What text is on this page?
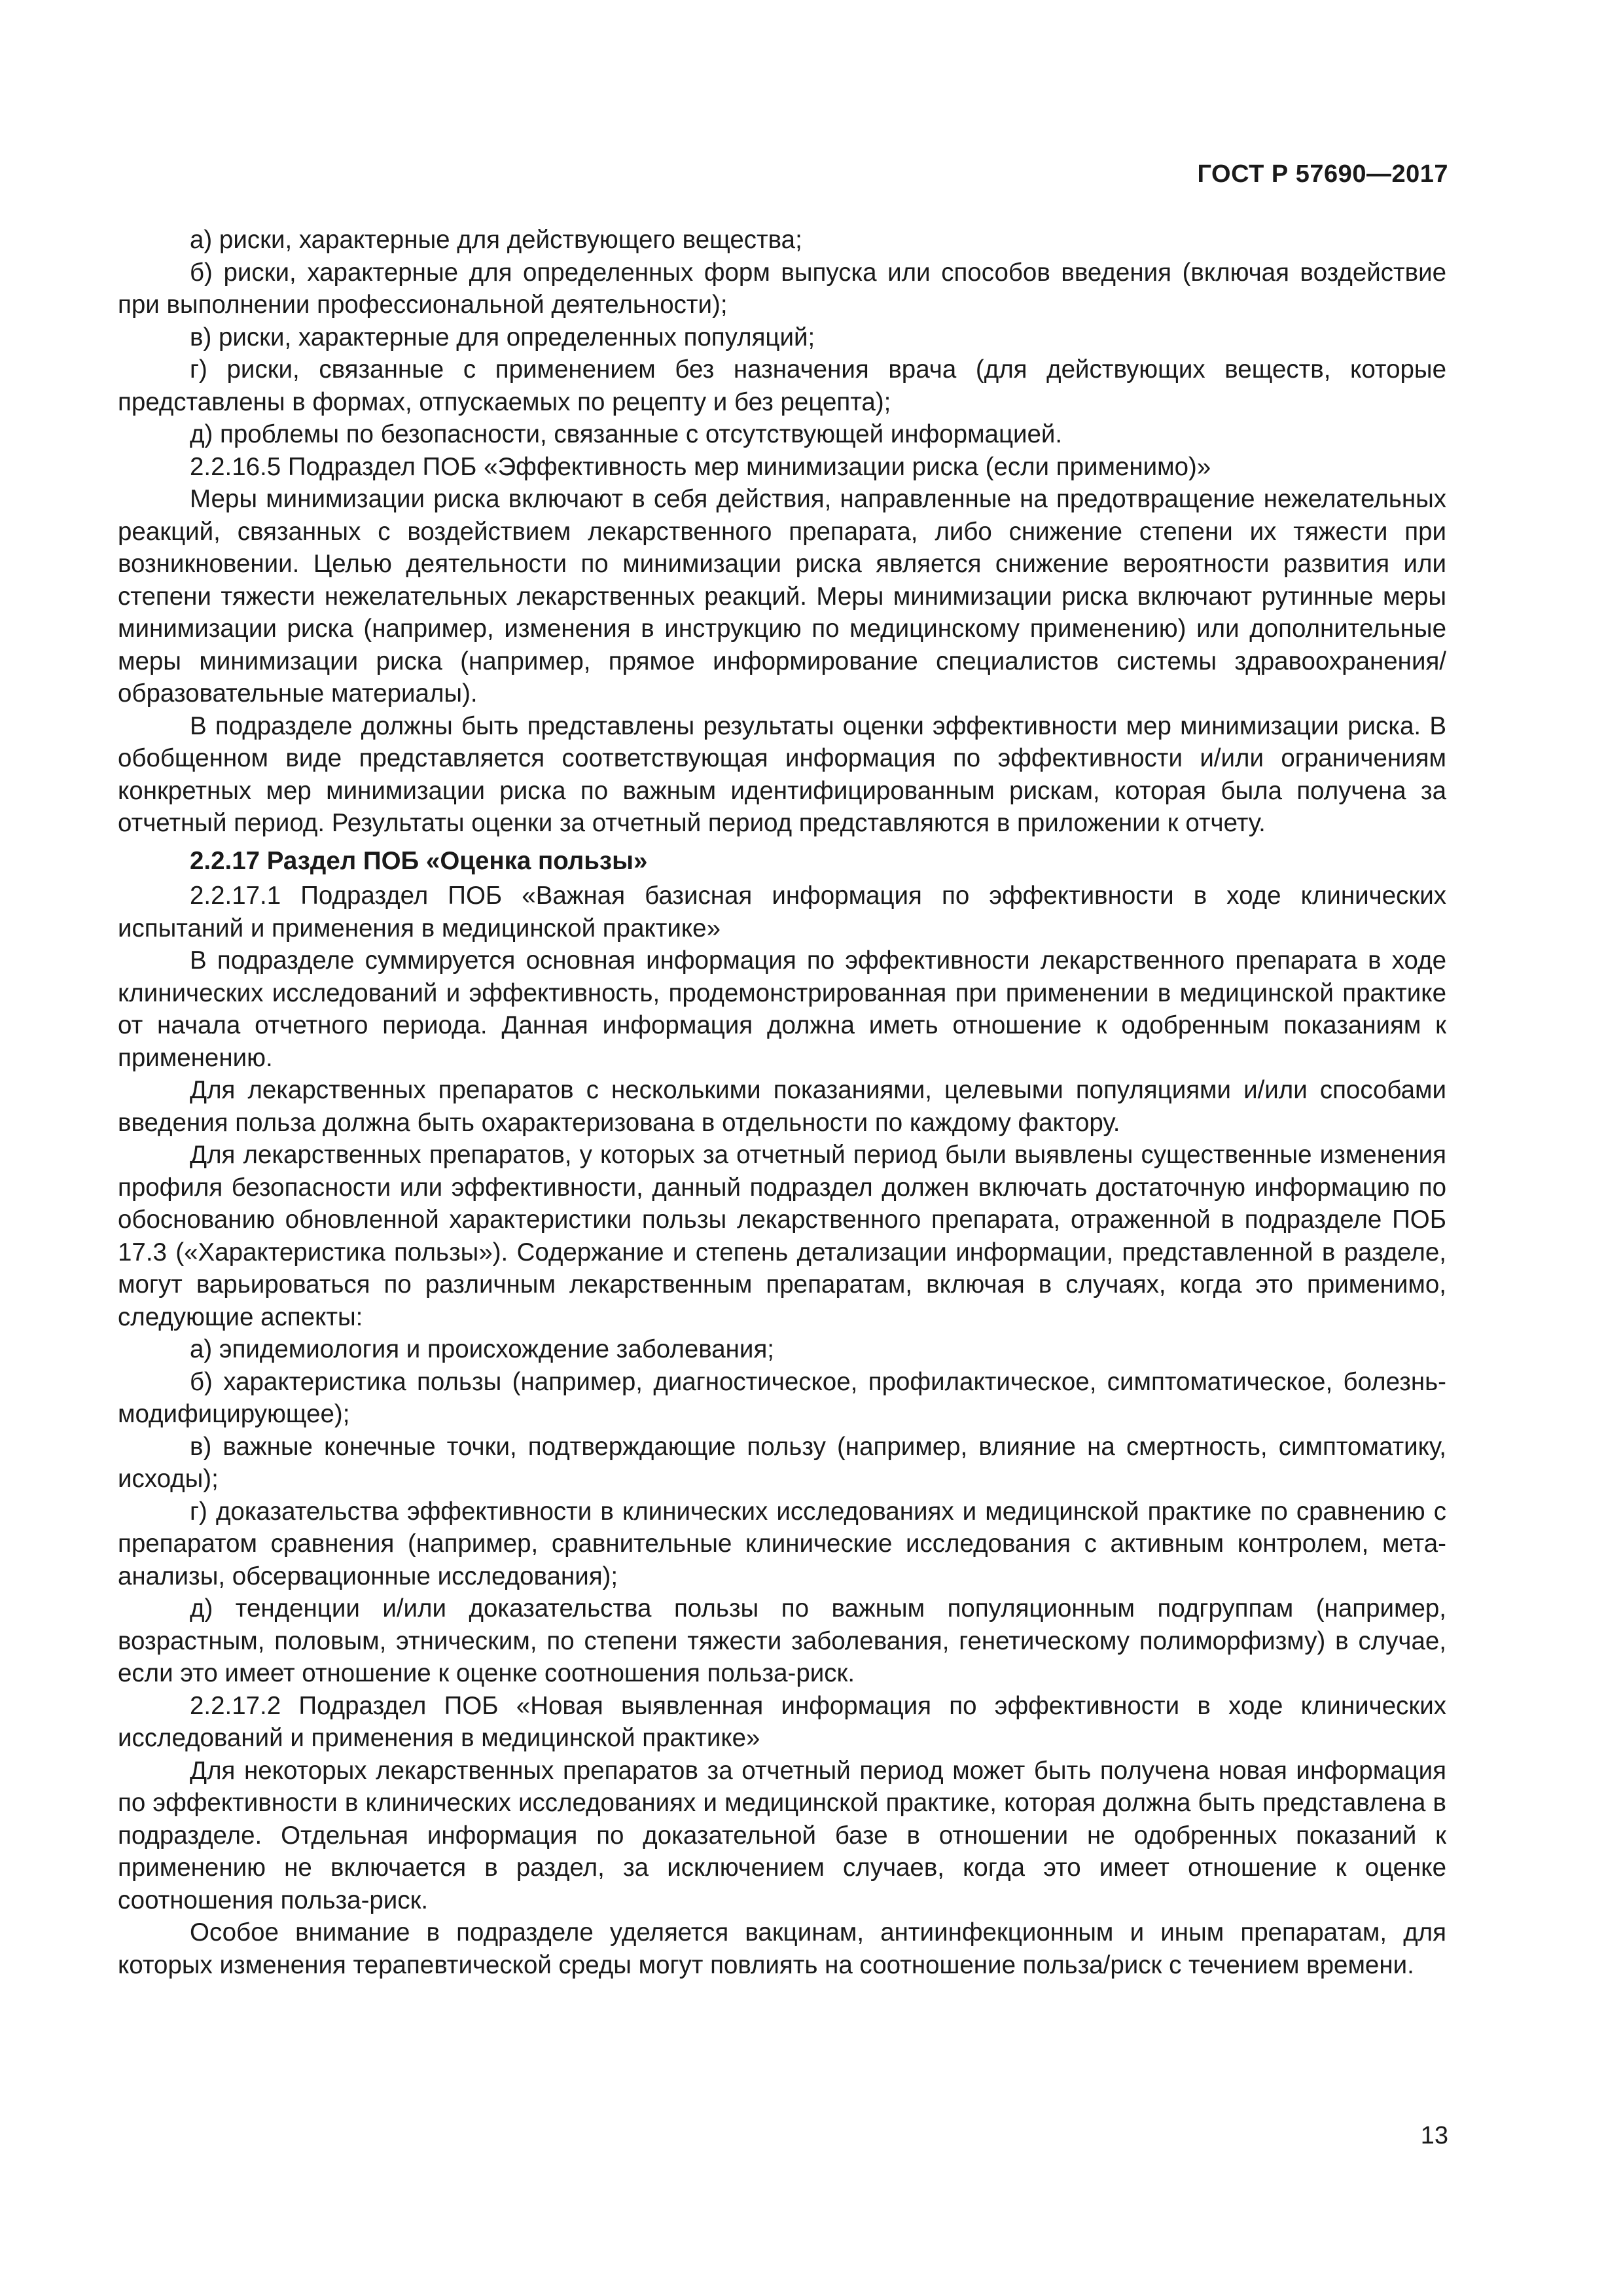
ГОСТ Р 57690—2017

а) риски, характерные для действующего вещества;

б) риски, характерные для определенных форм выпуска или способов введения (включая воздействие при выполнении профессиональной деятельности);

в) риски, характерные для определенных популяций;

г) риски, связанные с применением без назначения врача (для действующих веществ, которые представлены в формах, отпускаемых по рецепту и без рецепта);

д) проблемы по безопасности, связанные с отсутствующей информацией.

2.2.16.5 Подраздел ПОБ «Эффективность мер минимизации риска (если применимо)»

Меры минимизации риска включают в себя действия, направленные на предотвращение нежелательных реакций, связанных с воздействием лекарственного препарата, либо снижение степени их тяжести при возникновении. Целью деятельности по минимизации риска является снижение вероятности развития или степени тяжести нежелательных лекарственных реакций. Меры минимизации риска включают рутинные меры минимизации риска (например, изменения в инструкцию по медицинскому применению) или дополнительные меры минимизации риска (например, прямое информирование специалистов системы здравоохранения/образовательные материалы).

В подразделе должны быть представлены результаты оценки эффективности мер минимизации риска. В обобщенном виде представляется соответствующая информация по эффективности и/или ограничениям конкретных мер минимизации риска по важным идентифицированным рискам, которая была получена за отчетный период. Результаты оценки за отчетный период представляются в приложении к отчету.

2.2.17 Раздел ПОБ «Оценка пользы»

2.2.17.1 Подраздел ПОБ «Важная базисная информация по эффективности в ходе клинических испытаний и применения в медицинской практике»

В подразделе суммируется основная информация по эффективности лекарственного препарата в ходе клинических исследований и эффективность, продемонстрированная при применении в медицинской практике от начала отчетного периода. Данная информация должна иметь отношение к одобренным показаниям к применению.

Для лекарственных препаратов с несколькими показаниями, целевыми популяциями и/или способами введения польза должна быть охарактеризована в отдельности по каждому фактору.

Для лекарственных препаратов, у которых за отчетный период были выявлены существенные изменения профиля безопасности или эффективности, данный подраздел должен включать достаточную информацию по обоснованию обновленной характеристики пользы лекарственного препарата, отраженной в подразделе ПОБ 17.3 («Характеристика пользы»). Содержание и степень детализации информации, представленной в разделе, могут варьироваться по различным лекарственным препаратам, включая в случаях, когда это применимо, следующие аспекты:

а) эпидемиология и происхождение заболевания;

б) характеристика пользы (например, диагностическое, профилактическое, симптоматическое, болезнь-модифицирующее);

в) важные конечные точки, подтверждающие пользу (например, влияние на смертность, симптоматику, исходы);

г) доказательства эффективности в клинических исследованиях и медицинской практике по сравнению с препаратом сравнения (например, сравнительные клинические исследования с активным контролем, мета-анализы, обсервационные исследования);

д) тенденции и/или доказательства пользы по важным популяционным подгруппам (например, возрастным, половым, этническим, по степени тяжести заболевания, генетическому полиморфизму) в случае, если это имеет отношение к оценке соотношения польза-риск.

2.2.17.2 Подраздел ПОБ «Новая выявленная информация по эффективности в ходе клинических исследований и применения в медицинской практике»

Для некоторых лекарственных препаратов за отчетный период может быть получена новая информация по эффективности в клинических исследованиях и медицинской практике, которая должна быть представлена в подразделе. Отдельная информация по доказательной базе в отношении не одобренных показаний к применению не включается в раздел, за исключением случаев, когда это имеет отношение к оценке соотношения польза-риск.

Особое внимание в подразделе уделяется вакцинам, антиинфекционным и иным препаратам, для которых изменения терапевтической среды могут повлиять на соотношение польза/риск с течением времени.

13
